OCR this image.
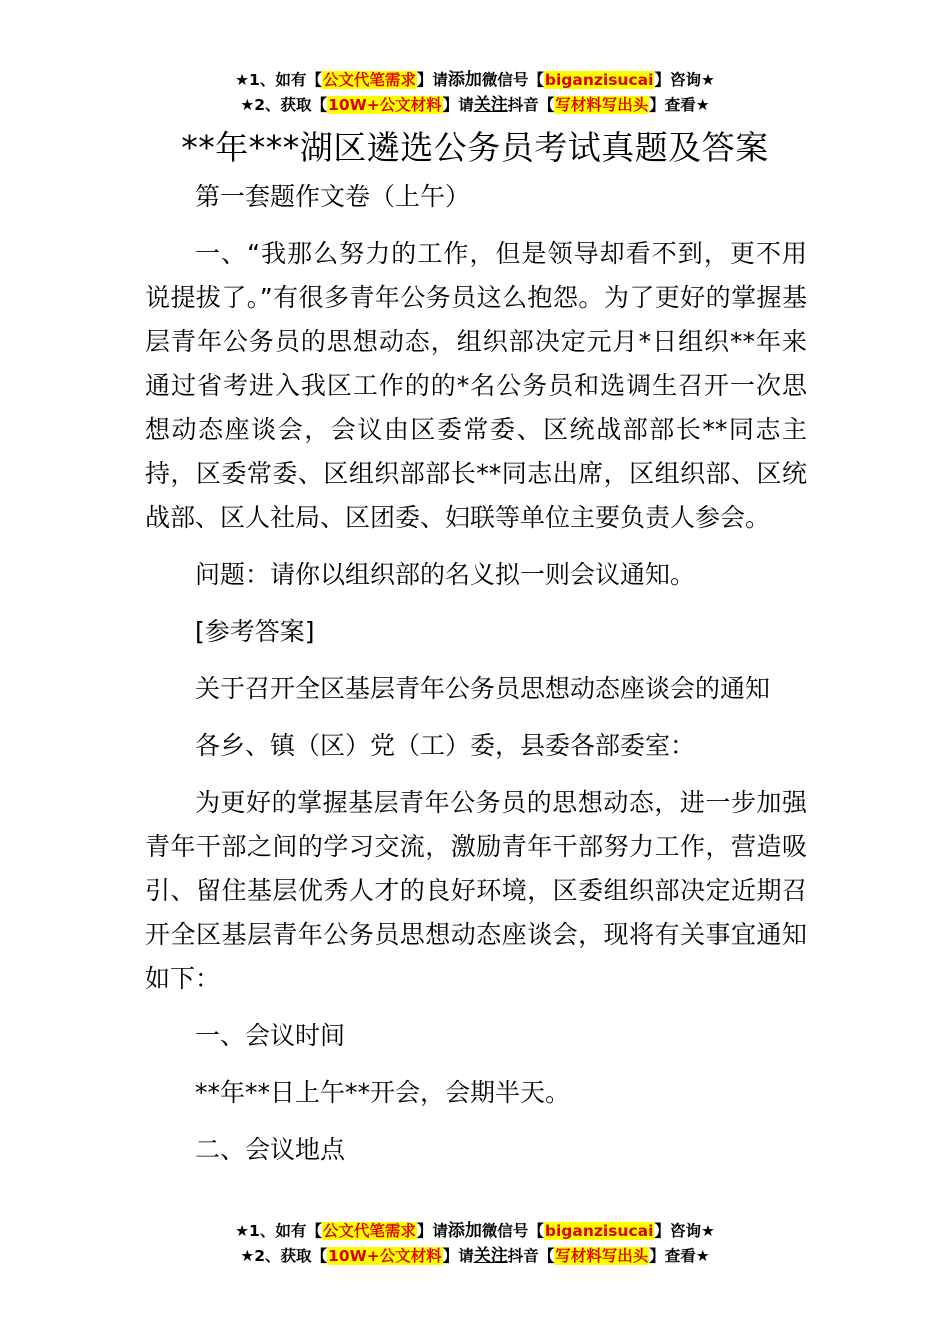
★1、如有【公文代笔需求】请添加微信号【biganzisucai】咨询★
★2、获取【10W+公文材料】请关注抖音【写材料写出头】查看★
**年***湖区遴选公务员考试真题及答案

第一套题作文卷（上午）

一、“我那么努力的工作，但是领导却看不到，更不用说提拔了。”有很多青年公务员这么抱怨。为了更好的掌握基层青年公务员的思想动态，组织部决定元月*日组织**年来通过省考进入我区工作的的*名公务员和选调生召开一次思想动态座谈会，会议由区委常委、区统战部部长**同志主持，区委常委、区组织部部长**同志出席，区组织部、区统战部、区人社局、区团委、妇联等单位主要负责人参会。

问题：请你以组织部的名义拟一则会议通知。

[参考答案]

关于召开全区基层青年公务员思想动态座谈会的通知

各乡、镇（区）党（工）委，县委各部委室：

为更好的掌握基层青年公务员的思想动态，进一步加强青年干部之间的学习交流，激励青年干部努力工作，营造吸引、留住基层优秀人才的良好环境，区委组织部决定近期召开全区基层青年公务员思想动态座谈会，现将有关事宜通知如下：

一、会议时间

**年**日上午**开会，会期半天。

二、会议地点

★1、如有【公文代笔需求】请添加微信号【biganzisucai】咨询★
★2、获取【10W+公文材料】请关注抖音【写材料写出头】查看★
